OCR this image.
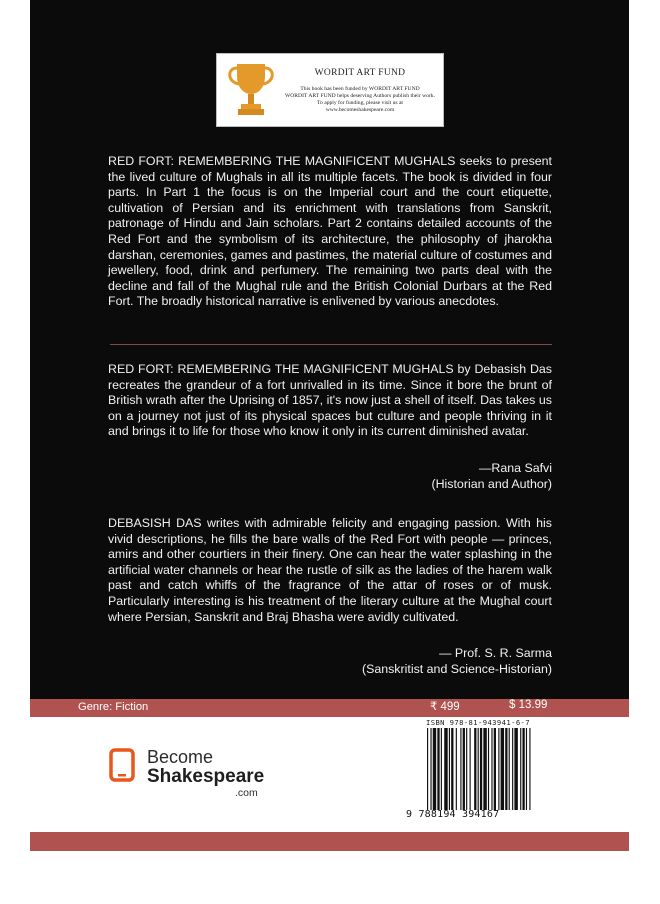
WORDIT ART FUND
This book has been funded by WORDIT ART FUND
WORDIT ART FUND helps deserving Authors publish their work.
To apply for funding, please visit us at
www.becomeshakespeare.com
RED FORT: REMEMBERING THE MAGNIFICENT MUGHALS seeks to present the lived culture of Mughals in all its multiple facets. The book is divided in four parts. In Part 1 the focus is on the Imperial court and the court etiquette, cultivation of Persian and its enrichment with translations from Sanskrit, patronage of Hindu and Jain scholars. Part 2 contains detailed accounts of the Red Fort and the symbolism of its architecture, the philosophy of jharokha darshan, ceremonies, games and pastimes, the material culture of costumes and jewellery, food, drink and perfumery. The remaining two parts deal with the decline and fall of the Mughal rule and the British Colonial Durbars at the Red Fort. The broadly historical narrative is enlivened by various anecdotes.
RED FORT: REMEMBERING THE MAGNIFICENT MUGHALS by Debasish Das recreates the grandeur of a fort unrivalled in its time. Since it bore the brunt of British wrath after the Uprising of 1857, it's now just a shell of itself. Das takes us on a journey not just of its physical spaces but culture and people thriving in it and brings it to life for those who know it only in its current diminished avatar.
—Rana Safvi
(Historian and Author)
DEBASISH DAS writes with admirable felicity and engaging passion. With his vivid descriptions, he fills the bare walls of the Red Fort with people — princes, amirs and other courtiers in their finery. One can hear the water splashing in the artificial water channels or hear the rustle of silk as the ladies of the harem walk past and catch whiffs of the fragrance of the attar of roses or of musk. Particularly interesting is his treatment of the literary culture at the Mughal court where Persian, Sanskrit and Braj Bhasha were avidly cultivated.
— Prof. S. R. Sarma
(Sanskritist and Science-Historian)
Genre: Fiction	₹ 499	$ 13.99
Become
Shakespeare
.com
ISBN 978-81-943941-6-7
9 788194 394167
